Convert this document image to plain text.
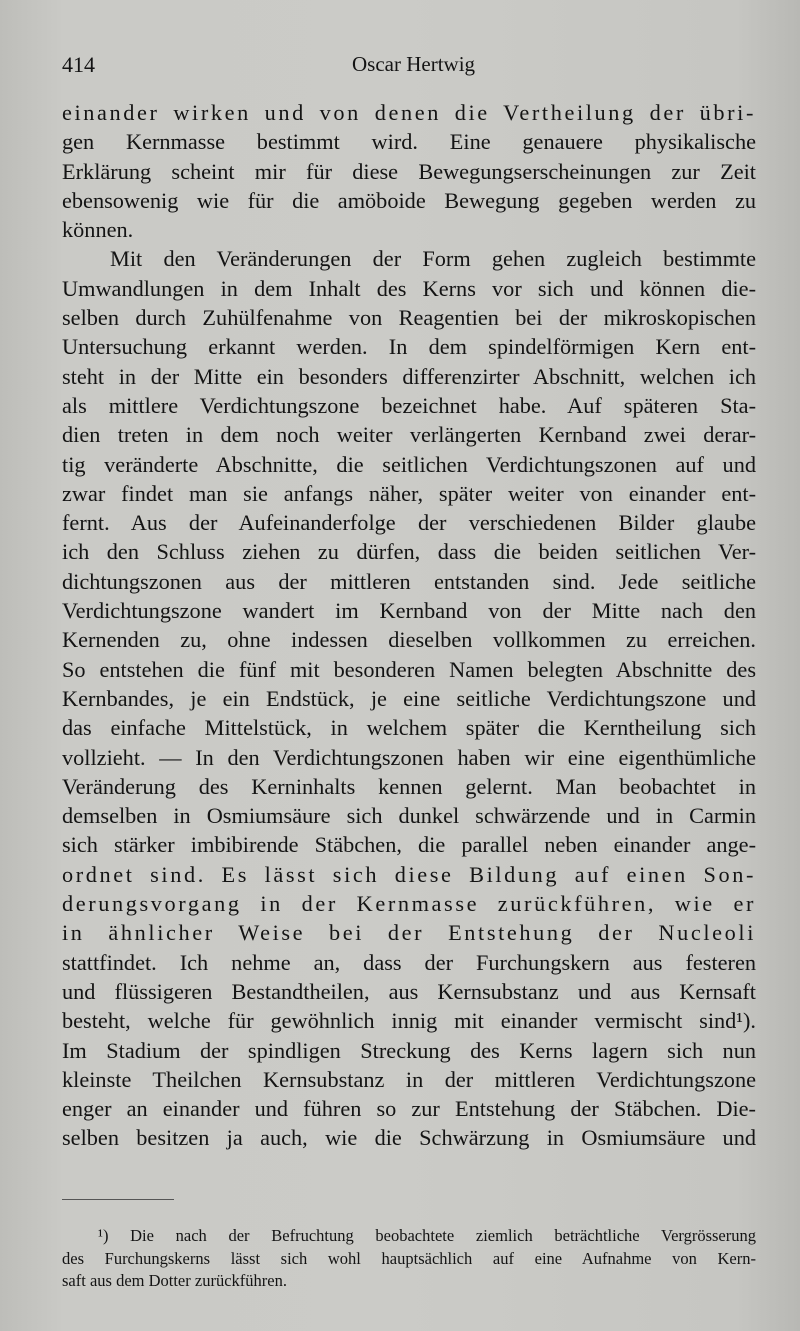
414	Oscar Hertwig
einander wirken und von denen die Vertheilung der übri-
gen Kernmasse bestimmt wird. Eine genauere physikalische
Erklärung scheint mir für diese Bewegungserscheinungen zur Zeit
ebensowenig wie für die amöboide Bewegung gegeben werden zu
können.
Mit den Veränderungen der Form gehen zugleich bestimmte
Umwandlungen in dem Inhalt des Kerns vor sich und können die-
selben durch Zuhülfenahme von Reagentien bei der mikroskopischen
Untersuchung erkannt werden. In dem spindelförmigen Kern ent-
steht in der Mitte ein besonders differenzirter Abschnitt, welchen ich
als mittlere Verdichtungszone bezeichnet habe. Auf späteren Sta-
dien treten in dem noch weiter verlängerten Kernband zwei derar-
tig veränderte Abschnitte, die seitlichen Verdichtungszonen auf und
zwar findet man sie anfangs näher, später weiter von einander ent-
fernt. Aus der Aufeinanderfolge der verschiedenen Bilder glaube
ich den Schluss ziehen zu dürfen, dass die beiden seitlichen Ver-
dichtungszonen aus der mittleren entstanden sind. Jede seitliche
Verdichtungszone wandert im Kernband von der Mitte nach den
Kernenden zu, ohne indessen dieselben vollkommen zu erreichen.
So entstehen die fünf mit besonderen Namen belegten Abschnitte des
Kernbandes, je ein Endstück, je eine seitliche Verdichtungszone und
das einfache Mittelstück, in welchem später die Kerntheilung sich
vollzieht. — In den Verdichtungszonen haben wir eine eigenthümliche
Veränderung des Kerninhalts kennen gelernt. Man beobachtet in
demselben in Osmiumsäure sich dunkel schwärzende und in Carmin
sich stärker imbibirende Stäbchen, die parallel neben einander ange-
ordnet sind. Es lässt sich diese Bildung auf einen Son-
derungsvorgang in der Kernmasse zurückführen, wie er
in ähnlicher Weise bei der Entstehung der Nucleoli
stattfindet. Ich nehme an, dass der Furchungskern aus festeren
und flüssigeren Bestandtheilen, aus Kernsubstanz und aus Kernsaft
besteht, welche für gewöhnlich innig mit einander vermischt sind¹).
Im Stadium der spindligen Streckung des Kerns lagern sich nun
kleinste Theilchen Kernsubstanz in der mittleren Verdichtungszone
enger an einander und führen so zur Entstehung der Stäbchen. Die-
selben besitzen ja auch, wie die Schwärzung in Osmiumsäure und
¹) Die nach der Befruchtung beobachtete ziemlich beträchtliche Vergrösserung
des Furchungskerns lässt sich wohl hauptsächlich auf eine Aufnahme von Kern-
saft aus dem Dotter zurückführen.
